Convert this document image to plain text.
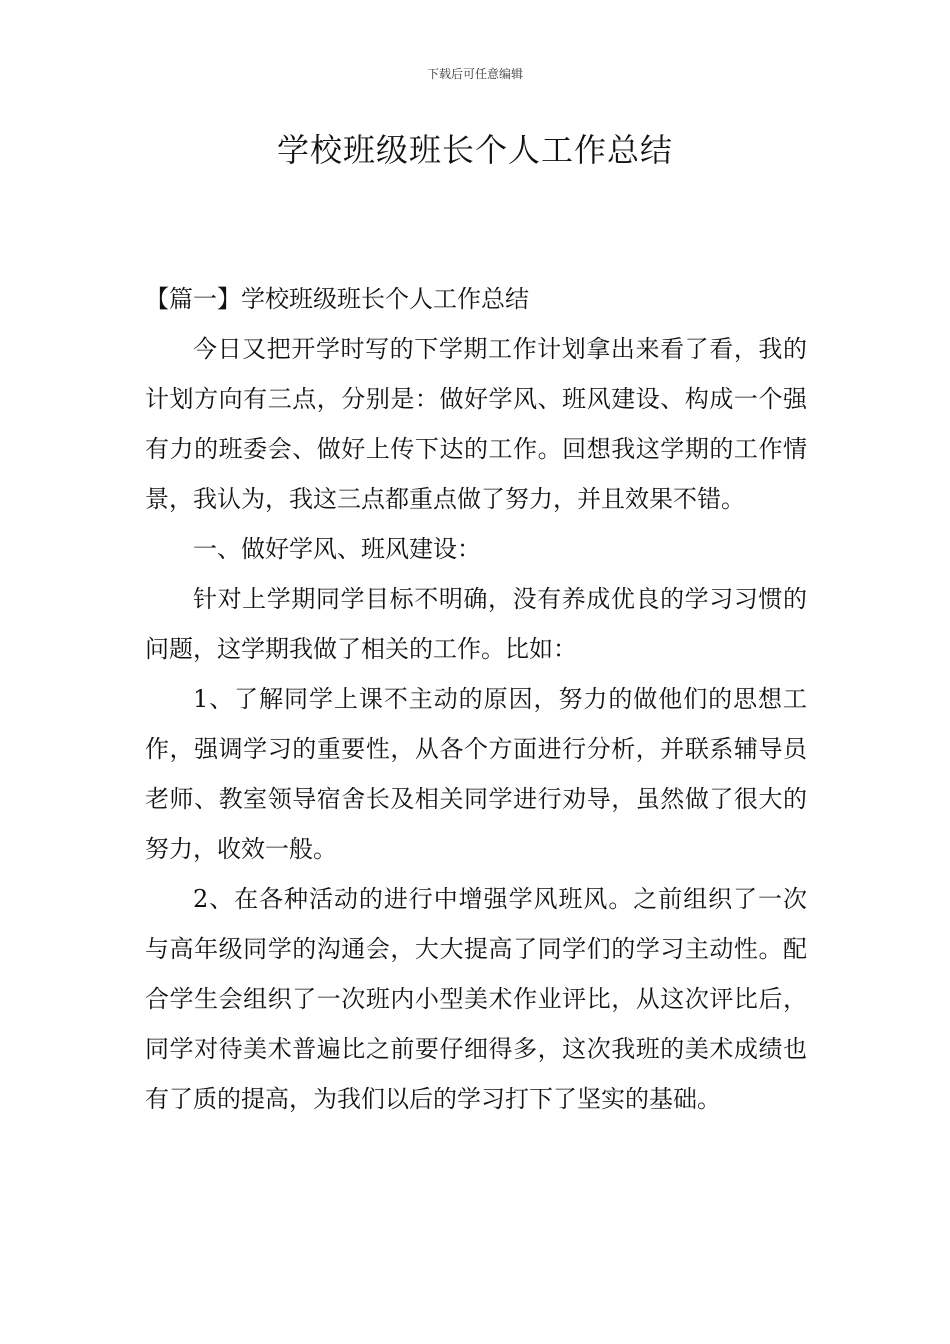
下载后可任意编辑
学校班级班长个人工作总结

【篇一】学校班级班长个人工作总结

今日又把开学时写的下学期工作计划拿出来看了看，我的计划方向有三点，分别是：做好学风、班风建设、构成一个强有力的班委会、做好上传下达的工作。回想我这学期的工作情景，我认为，我这三点都重点做了努力，并且效果不错。

一、做好学风、班风建设：

针对上学期同学目标不明确，没有养成优良的学习习惯的问题，这学期我做了相关的工作。比如：

1、了解同学上课不主动的原因，努力的做他们的思想工作，强调学习的重要性，从各个方面进行分析，并联系辅导员老师、教室领导宿舍长及相关同学进行劝导，虽然做了很大的努力，收效一般。

2、在各种活动的进行中增强学风班风。之前组织了一次与高年级同学的沟通会，大大提高了同学们的学习主动性。配合学生会组织了一次班内小型美术作业评比，从这次评比后，同学对待美术普遍比之前要仔细得多，这次我班的美术成绩也有了质的提高，为我们以后的学习打下了坚实的基础。
